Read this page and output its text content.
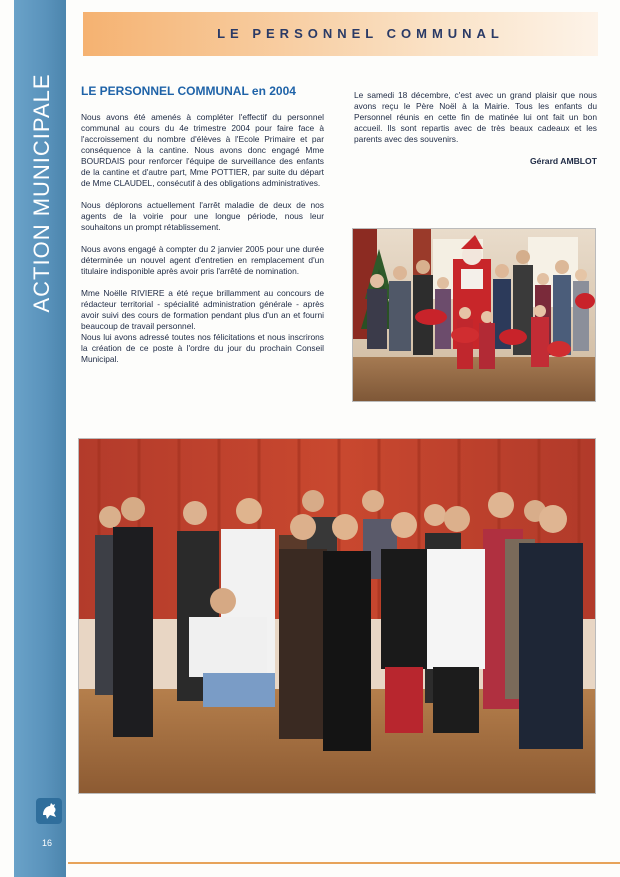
ACTION MUNICIPALE
16
LE PERSONNEL COMMUNAL
LE PERSONNEL COMMUNAL en 2004

Nous avons été amenés à compléter l'effectif du personnel communal au cours du 4e trimestre 2004 pour faire face à l'accroissement du nombre d'élèves à l'Ecole Primaire et par conséquence à la cantine. Nous avons donc engagé Mme BOURDAIS pour renforcer l'équipe de surveillance des enfants de la cantine et d'autre part, Mme POTTIER, par suite du départ de Mme CLAUDEL, consécutif à des obligations administratives.

Nous déplorons actuellement l'arrêt maladie de deux de nos agents de la voirie pour une longue période, nous leur souhaitons un prompt rétablissement.

Nous avons engagé à compter du 2 janvier 2005 pour une durée déterminée un nouvel agent d'entretien en remplacement d'un titulaire indisponible après avoir pris l'arrêté de nomination.

Mme Noëlle RIVIERE a été reçue brillamment au concours de rédacteur territorial - spécialité administration générale - après avoir suivi des cours de formation pendant plus d'un an et fourni beaucoup de travail personnel.

Nous lui avons adressé toutes nos félicitations et nous inscrirons la création de ce poste à l'ordre du jour du prochain Conseil Municipal.

Le samedi 18 décembre, c'est avec un grand plaisir que nous avons reçu le Père Noël à la Mairie. Tous les enfants du Personnel réunis en cette fin de matinée lui ont fait un bon accueil. Ils sont repartis avec de très beaux cadeaux et les parents avec des souvenirs.

Gérard AMBLOT
